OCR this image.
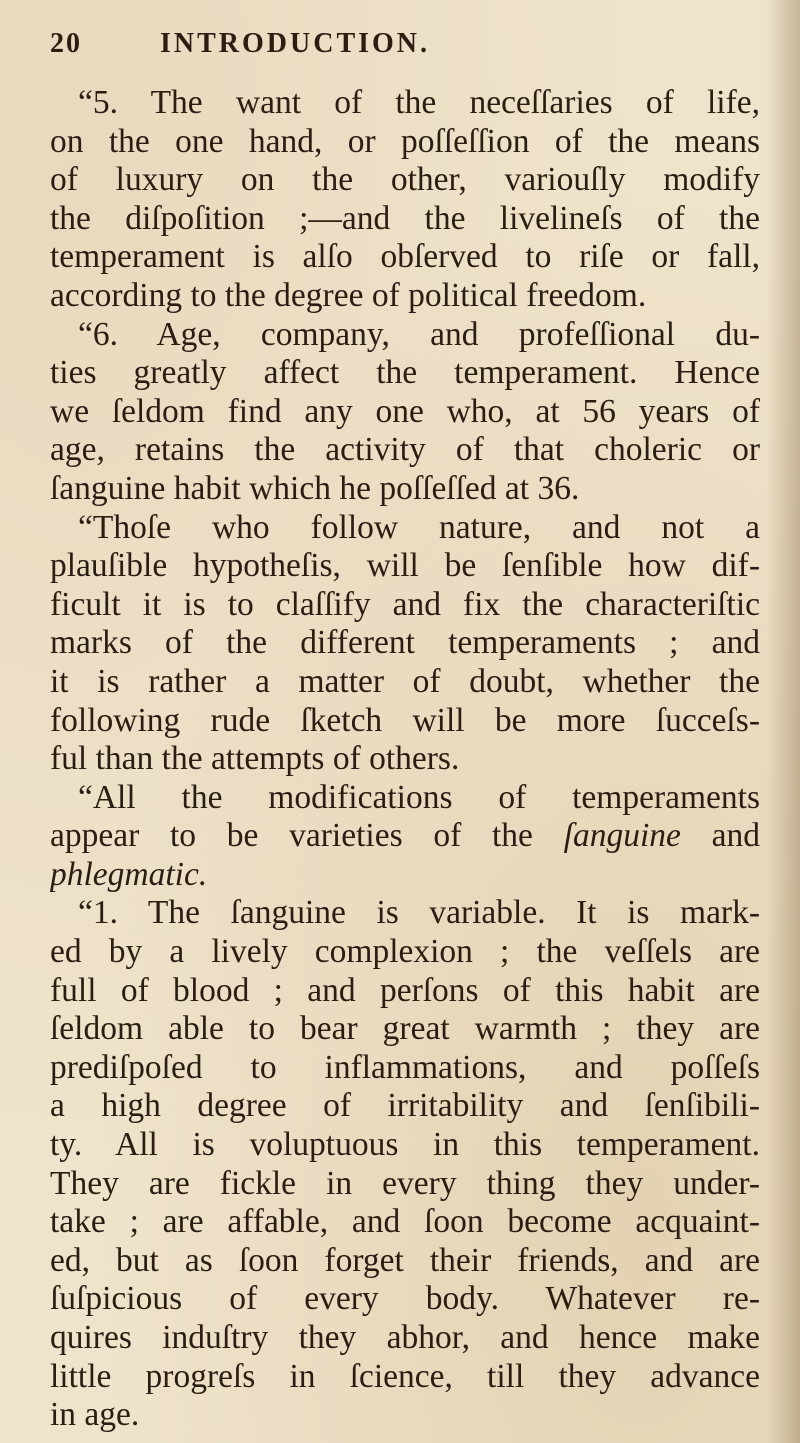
20	INTRODUCTION.
“5. The want of the neceſſaries of life,
on the one hand, or poſſeſſion of the means
of luxury on the other, variouſly modify
the diſpoſition ;—and the livelineſs of the
temperament is alſo obſerved to riſe or fall,
according to the degree of political freedom.
“6. Age, company, and profeſſional du-
ties greatly affect the temperament. Hence
we ſeldom find any one who, at 56 years of
age, retains the activity of that choleric or
ſanguine habit which he poſſeſſed at 36.
“Thoſe who follow nature, and not a
plauſible hypotheſis, will be ſenſible how dif-
ficult it is to claſſify and fix the characteriſtic
marks of the different temperaments ; and
it is rather a matter of doubt, whether the
following rude ſketch will be more ſucceſs-
ful than the attempts of others.
“All the modifications of temperaments
appear to be varieties of the ſanguine and
phlegmatic.
“1. The ſanguine is variable. It is mark-
ed by a lively complexion ; the veſſels are
full of blood ; and perſons of this habit are
ſeldom able to bear great warmth ; they are
prediſpoſed to inflammations, and poſſeſs
a high degree of irritability and ſenſibili-
ty. All is voluptuous in this temperament.
They are fickle in every thing they under-
take ; are affable, and ſoon become acquaint-
ed, but as ſoon forget their friends, and are
ſuſpicious of every body. Whatever re-
quires induſtry they abhor, and hence make
little progreſs in ſcience, till they advance
in age.
